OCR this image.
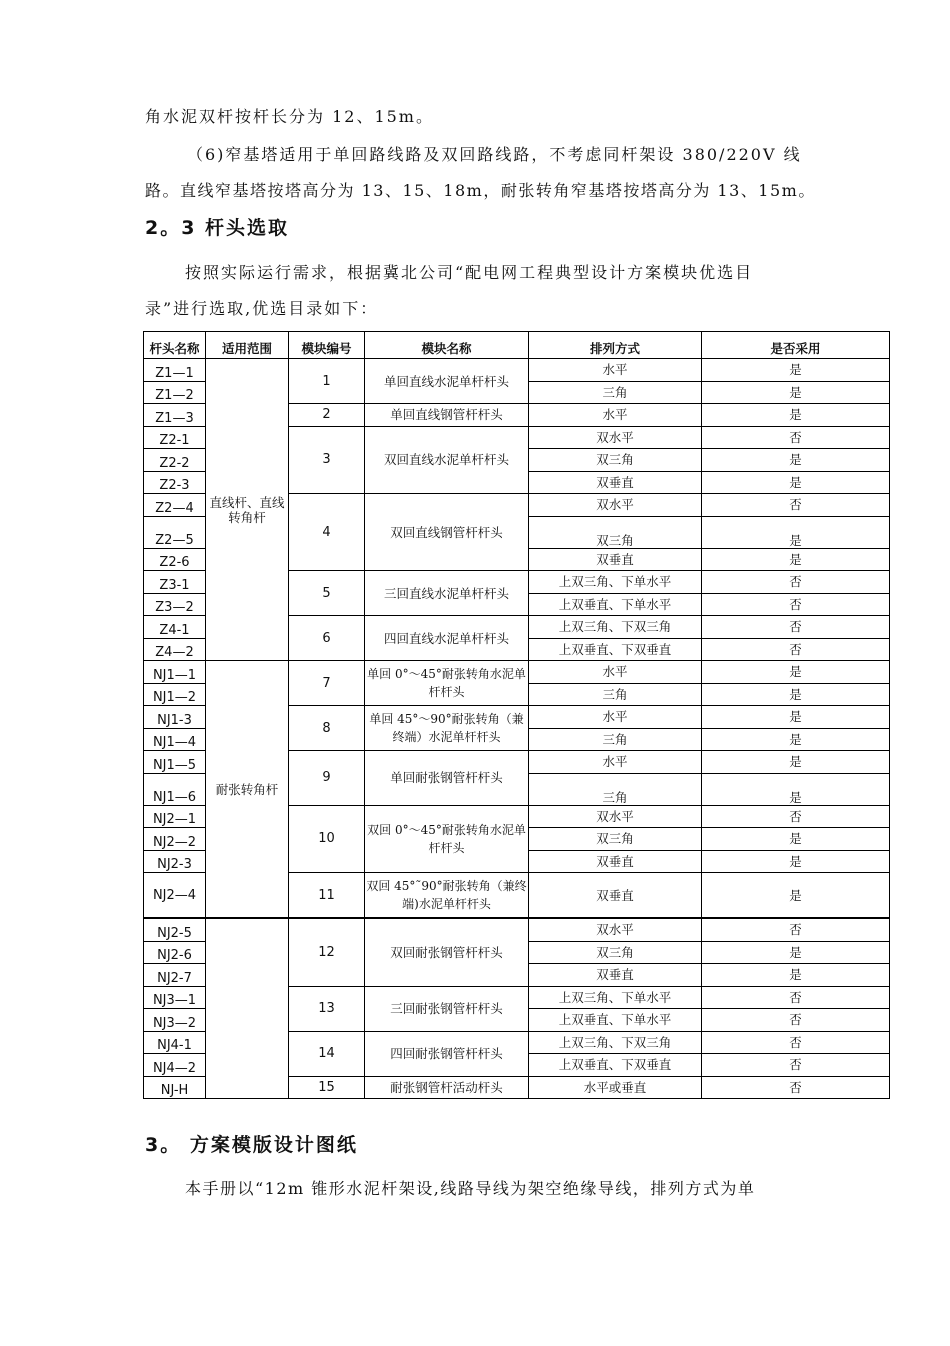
角水泥双杆按杆长分为 12、15m。
（6)窄基塔适用于单回路线路及双回路线路，不考虑同杆架设 380/220V 线
路。直线窄基塔按塔高分为 13、15、18m，耐张转角窄基塔按塔高分为 13、15m。
2。3 杆头选取
按照实际运行需求，根据冀北公司“配电网工程典型设计方案模块优选目
录”进行选取,优选目录如下：
杆头名称	适用范围	模块编号	模块名称	排列方式	是否采用
Z1—1	直线杆、直线转角杆	1	单回直线水泥单杆杆头	水平	是
Z1—2				三角	是
Z1—3		2	单回直线钢管杆杆头	水平	是
Z2-1		3	双回直线水泥单杆杆头	双水平	否
Z2-2				双三角	是
Z2-3				双垂直	是
Z2—4		4	双回直线钢管杆杆头	双水平	否
Z2—5				双三角	是
Z2-6				双垂直	是
Z3-1		5	三回直线水泥单杆杆头	上双三角、下单水平	否
Z3—2				上双垂直、下单水平	否
Z4-1		6	四回直线水泥单杆杆头	上双三角、下双三角	否
Z4—2				上双垂直、下双垂直	否
NJ1—1	耐张转角杆	7	单回 0°～45°耐张转角水泥单杆杆头	水平	是
NJ1—2				三角	是
NJ1-3		8	单回 45°～90°耐张转角（兼终端）水泥单杆杆头	水平	是
NJ1—4				三角	是
NJ1—5		9	单回耐张钢管杆杆头	水平	是
NJ1—6				三角	是
NJ2—1		10	双回 0°～45°耐张转角水泥单杆杆头	双水平	否
NJ2—2				双三角	是
NJ2-3				双垂直	是
NJ2—4		11	双回 45°˜90°耐张转角（兼终端)水泥单杆杆头	双垂直	是
NJ2-5		12	双回耐张钢管杆杆头	双水平	否
NJ2-6				双三角	是
NJ2-7				双垂直	是
NJ3—1		13	三回耐张钢管杆杆头	上双三角、下单水平	否
NJ3—2				上双垂直、下单水平	否
NJ4-1		14	四回耐张钢管杆杆头	上双三角、下双三角	否
NJ4—2				上双垂直、下双垂直	否
NJ-H		15	耐张钢管杆活动杆头	水平或垂直	否
3。 方案模版设计图纸
本手册以“12m 锥形水泥杆架设,线路导线为架空绝缘导线，排列方式为单
